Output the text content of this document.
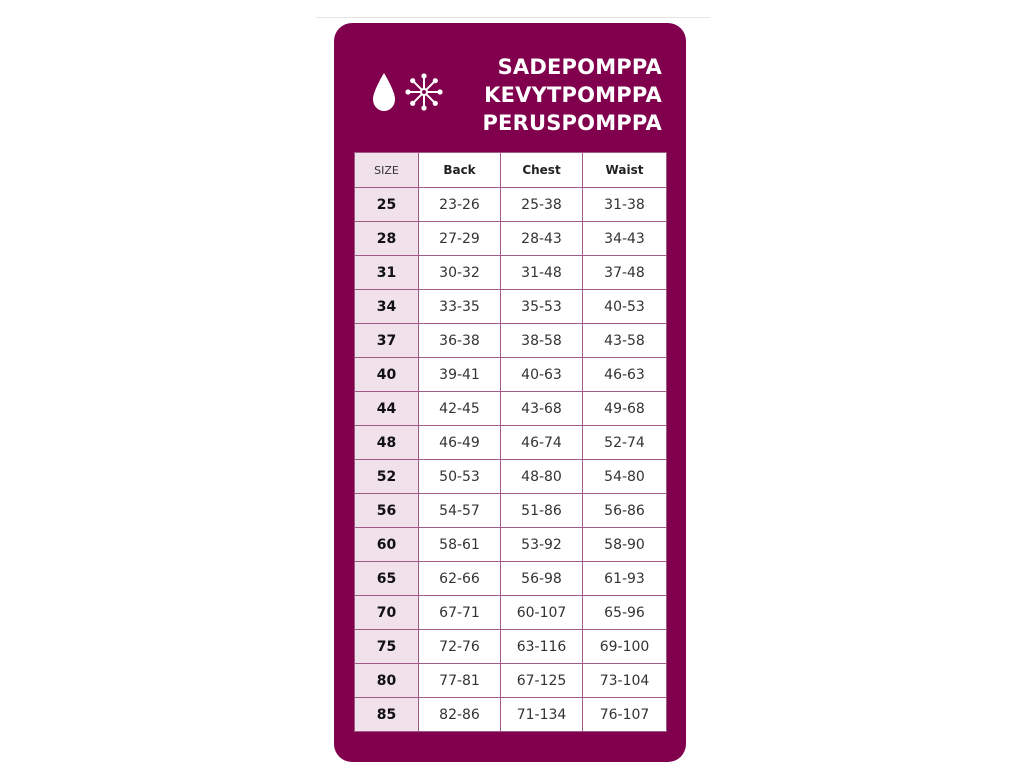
SADEPOMPPA
KEVYTPOMPPA
PERUSPOMPPA
SIZE	Back	Chest	Waist
25	23-26	25-38	31-38
28	27-29	28-43	34-43
31	30-32	31-48	37-48
34	33-35	35-53	40-53
37	36-38	38-58	43-58
40	39-41	40-63	46-63
44	42-45	43-68	49-68
48	46-49	46-74	52-74
52	50-53	48-80	54-80
56	54-57	51-86	56-86
60	58-61	53-92	58-90
65	62-66	56-98	61-93
70	67-71	60-107	65-96
75	72-76	63-116	69-100
80	77-81	67-125	73-104
85	82-86	71-134	76-107
